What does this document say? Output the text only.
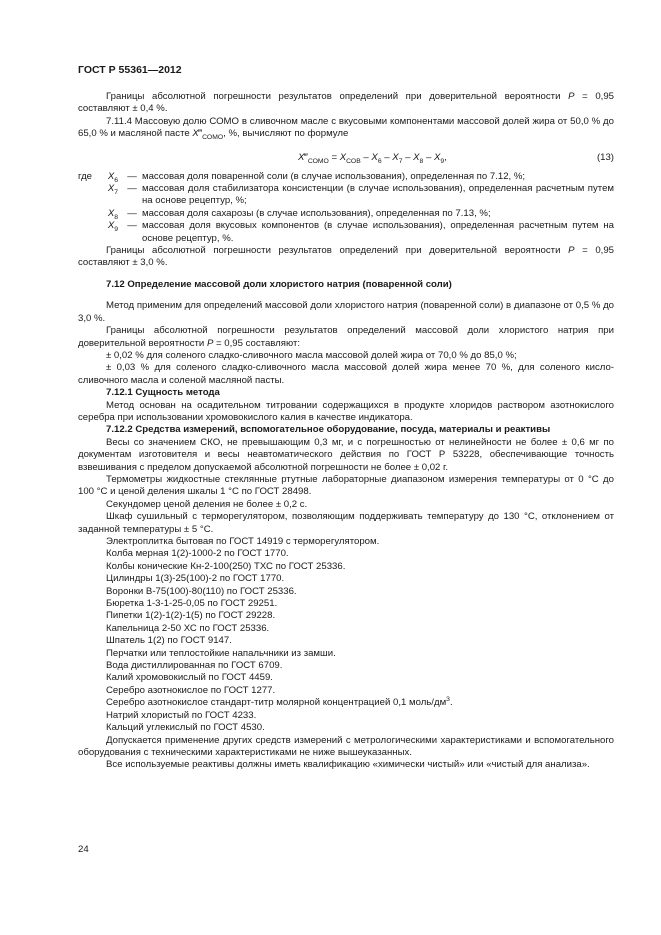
ГОСТ Р 55361—2012

Границы абсолютной погрешности результатов определений при доверительной вероятности P = 0,95 составляют ± 0,4 %.

7.11.4 Массовую долю СОМО в сливочном масле с вкусовыми компонентами массовой долей жира от 50,0 % до 65,0 % и масляной пасте $X‴_{СОМО}$, %, вычисляют по формуле

$X‴_{СОМО} = X_{СОВ} - X_6 - X_7 - X_8 - X_9$,	(13)
где	$X_6$	—	массовая доля поваренной соли (в случае использования), определенная по 7.12, %;
	$X_7$	—	массовая доля стабилизатора консистенции (в случае использования), определенная расчетным путем на основе рецептур, %;
	$X_8$	—	массовая доля сахарозы (в случае использования), определенная по 7.13, %;
	$X_9$	—	массовая доля вкусовых компонентов (в случае использования), определенная расчетным путем на основе рецептур, %.

Границы абсолютной погрешности результатов определений при доверительной вероятности P = 0,95 составляют ± 3,0 %.

7.12 Определение массовой доли хлористого натрия (поваренной соли)

Метод применим для определений массовой доли хлористого натрия (поваренной соли) в диапазоне от 0,5 % до 3,0 %.

Границы абсолютной погрешности результатов определений массовой доли хлористого натрия при доверительной вероятности P = 0,95 составляют:

± 0,02 % для соленого сладко-сливочного масла массовой долей жира от 70,0 % до 85,0 %;

± 0,03 % для соленого сладко-сливочного масла массовой долей жира менее 70 %, для соленого кисло-сливочного масла и соленой масляной пасты.

7.12.1 Сущность метода

Метод основан на осадительном титровании содержащихся в продукте хлоридов раствором азотнокислого серебра при использовании хромовокислого калия в качестве индикатора.

7.12.2 Средства измерений, вспомогательное оборудование, посуда, материалы и реактивы

Весы со значением СКО, не превышающим 0,3 мг, и с погрешностью от нелинейности не более ± 0,6 мг по документам изготовителя и весы неавтоматического действия по ГОСТ Р 53228, обеспечивающие точность взвешивания с пределом допускаемой абсолютной погрешности не более ± 0,02 г.

Термометры жидкостные стеклянные ртутные лабораторные диапазоном измерения температуры от 0 °C до 100 °C и ценой деления шкалы 1 °C по ГОСТ 28498.

Секундомер ценой деления не более ± 0,2 с.

Шкаф сушильный с терморегулятором, позволяющим поддерживать температуру до 130 °C, отклонением от заданной температуры ± 5 °C.

Электроплитка бытовая по ГОСТ 14919 с терморегулятором.

Колба мерная 1(2)-1000-2 по ГОСТ 1770.

Колбы конические Кн-2-100(250) ТХС по ГОСТ 25336.

Цилиндры 1(3)-25(100)-2 по ГОСТ 1770.

Воронки В-75(100)-80(110) по ГОСТ 25336.

Бюретка 1-3-1-25-0,05 по ГОСТ 29251.

Пипетки 1(2)-1(2)-1(5) по ГОСТ 29228.

Капельница 2-50 ХС по ГОСТ 25336.

Шпатель 1(2) по ГОСТ 9147.

Перчатки или теплостойкие напальчники из замши.

Вода дистиллированная по ГОСТ 6709.

Калий хромовокислый по ГОСТ 4459.

Серебро азотнокислое по ГОСТ 1277.

Серебро азотнокислое стандарт-титр молярной концентрацией 0,1 моль/$дм^3$.

Натрий хлористый по ГОСТ 4233.

Кальций углекислый по ГОСТ 4530.

Допускается применение других средств измерений с метрологическими характеристиками и вспомогательного оборудования с техническими характеристиками не ниже вышеуказанных.

Все используемые реактивы должны иметь квалификацию «химически чистый» или «чистый для анализа».

24
